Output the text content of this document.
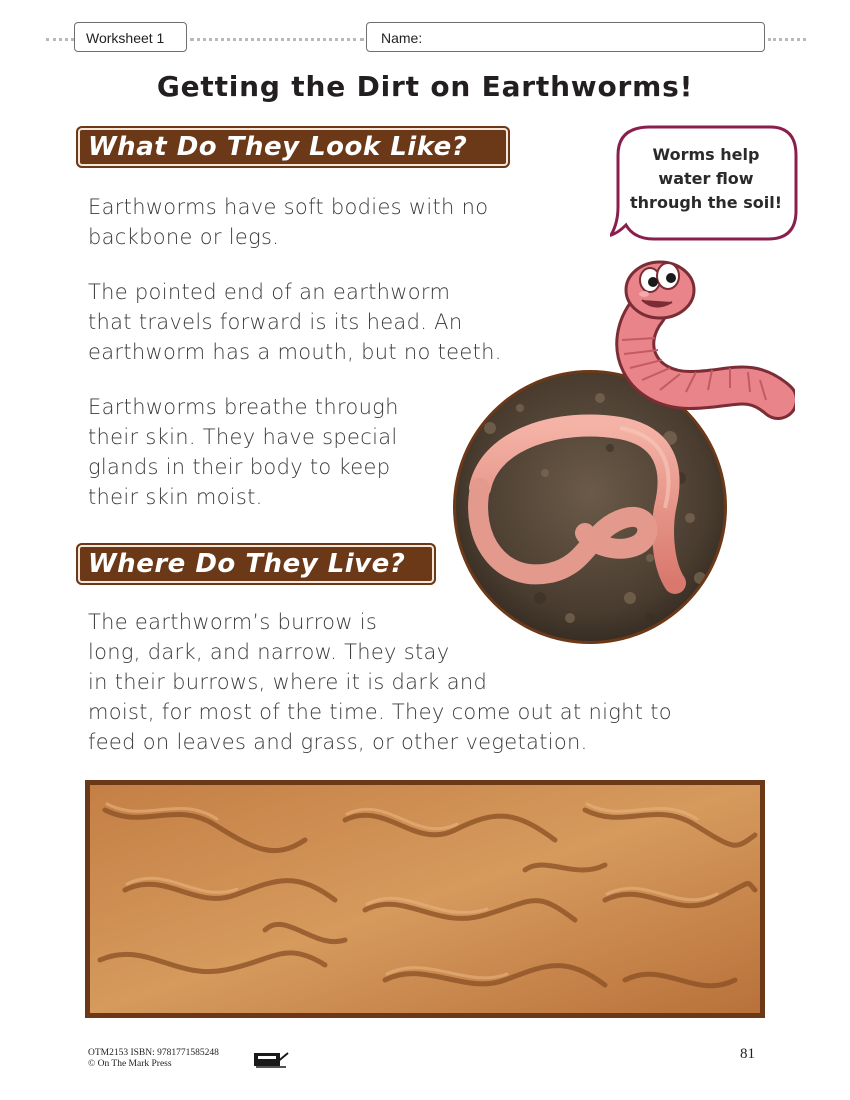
Worksheet 1	Name:
Getting the Dirt on Earthworms!
What Do They Look Like?

Earthworms have soft bodies with no
backbone or legs.

The pointed end of an earthworm
that travels forward is its head. An
earthworm has a mouth, but no teeth.

Earthworms breathe through
their skin. They have special
glands in their body to keep
their skin moist.

Worms help
water flow
through the soil!

Where Do They Live?

The earthworm’s burrow is
long, dark, and narrow. They stay
in their burrows, where it is dark and
moist, for most of the time. They come out at night to
feed on leaves and grass, or other vegetation.

OTM2153 ISBN: 9781771585248
© On The Mark Press
81
